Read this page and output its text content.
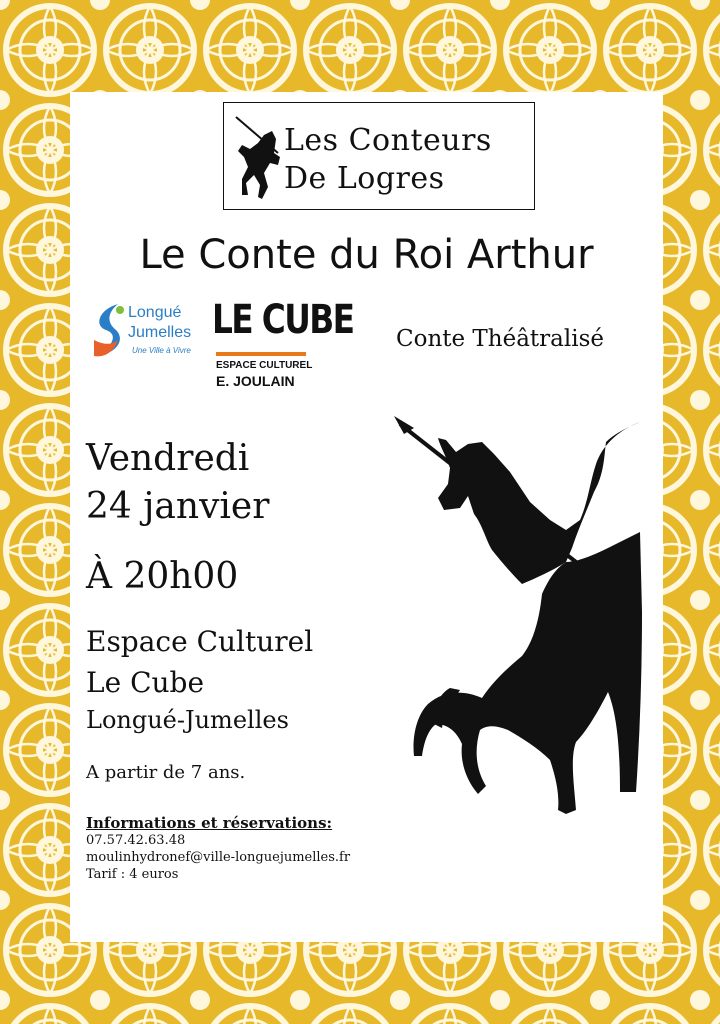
Les Conteurs
De Logres
Le Conte du Roi Arthur
Longué
Jumelles
Une Ville à Vivre
LE CUBE
ESPACE CULTUREL
E. JOULAIN
Conte Théâtralisé
Vendredi
24 janvier
À 20h00
Espace Culturel
Le Cube
Longué-Jumelles
A partir de 7 ans.
Informations et réservations:
07.57.42.63.48
moulinhydronef@ville-longuejumelles.fr
Tarif : 4 euros
